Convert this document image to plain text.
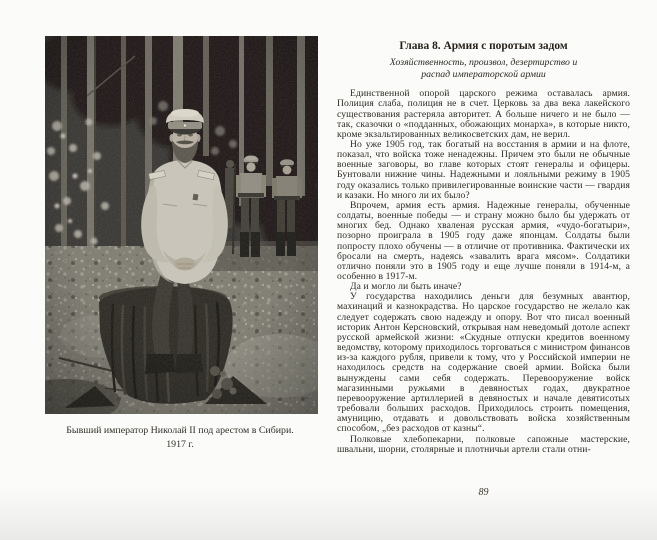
Бывший император Николай II под арестом в Сибири.
1917 г.
Глава 8. Армия с поротым задом
Хозяйственность, произвол, дезертирство и распад императорской армии

Единственной опорой царского режима оставалась армия. Полиция слаба, полиция не в счет. Церковь за два века лакейского существования растеряла авторитет. А больше ничего и не было — так, сказочки о «подданных, обожающих монарха», в которые никто, кроме экзальтированных великосветских дам, не верил.

Но уже 1905 год, так богатый на восстания в армии и на флоте, показал, что войска тоже ненадежны. Причем это были не обычные военные заговоры, во главе которых стоят генералы и офицеры. Бунтовали нижние чины. Надежными и лояльными режиму в 1905 году оказались только привилегированные воинские части — гвардия и казаки. Но много ли их было?

Впрочем, армия есть армия. Надежные генералы, обученные солдаты, военные победы — и страну можно было бы удержать от многих бед. Однако хваленая русская армия, «чудо-богатыри», позорно проиграла в 1905 году даже японцам. Солдаты были попросту плохо обучены — в отличие от противника. Фактически их бросали на смерть, надеясь «завалить врага мясом». Солдатики отлично поняли это в 1905 году и еще лучше поняли в 1914-м, а особенно в 1917-м.

Да и могло ли быть иначе?

У государства находились деньги для безумных авантюр, махинаций и казнокрадства. Но царское государство не желало как следует содержать свою надежду и опору. Вот что писал военный историк Антон Керсновский, открывая нам неведомый дотоле аспект русской армейской жизни: «Скудные отпуски кредитов военному ведомству, которому приходилось торговаться с министром финансов из-за каждого рубля, привели к тому, что у Российской империи не находилось средств на содержание своей армии. Войска были вынуждены сами себя содержать. Перевооружение войск магазинными ружьями в девяностых годах, двукратное перевооружение артиллерией в девяностых и начале девятисотых требовали больших расходов. Приходилось строить помещения, амуницию, отдавать и довольствовать войска хозяйственным способом, „без расходов от казны“.

Полковые хлебопекарни, полковые сапожные мастерские, швальни, шорни, столярные и плотничьи артели стали отни-

89
